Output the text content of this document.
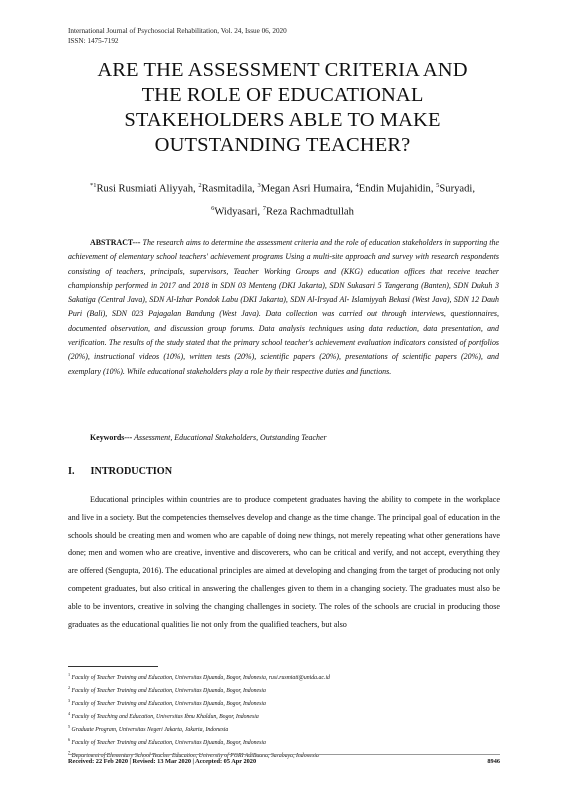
International Journal of Psychosocial Rehabilitation, Vol. 24, Issue 06, 2020
ISSN: 1475-7192
ARE THE ASSESSMENT CRITERIA AND
THE ROLE OF EDUCATIONAL
STAKEHOLDERS ABLE TO MAKE
OUTSTANDING TEACHER?
$^{*1}$Rusi Rusmiati Aliyyah, $^2$Rasmitadila, $^3$Megan Asri Humaira, $^4$Endin Mujahidin, $^5$Suryadi,
$^6$Widyasari, $^7$Reza Rachmadtullah
ABSTRACT--- The research aims to determine the assessment criteria and the role of education stakeholders in supporting the achievement of elementary school teachers' achievement programs Using a multi-site approach and survey with research respondents consisting of teachers, principals, supervisors, Teacher Working Groups and (KKG) education offices that receive teacher championship performed in 2017 and 2018 in SDN 03 Menteng (DKI Jakarta), SDN Sukasari 5 Tangerang (Banten), SDN Dukuh 3 Sakatiga (Central Java), SDN Al-Izhar Pondok Labu (DKI Jakarta), SDN Al-Irsyad Al- Islamiyyah Bekasi (West Java), SDN 12 Dauh Puri (Bali), SDN 023 Pajagalan Bandung (West Java). Data collection was carried out through interviews, questionnaires, documented observation, and discussion group forums. Data analysis techniques using data reduction, data presentation, and verification. The results of the study stated that the primary school teacher's achievement evaluation indicators consisted of portfolios (20%), instructional videos (10%), written tests (20%), scientific papers (20%), presentations of scientific papers (20%), and exemplary (10%). While educational stakeholders play a role by their respective duties and functions.
Keywords--- Assessment, Educational Stakeholders, Outstanding Teacher
I. INTRODUCTION
Educational principles within countries are to produce competent graduates having the ability to compete in the workplace and live in a society. But the competencies themselves develop and change as the time change. The principal goal of education in the schools should be creating men and women who are capable of doing new things, not merely repeating what other generations have done; men and women who are creative, inventive and discoverers, who can be critical and verify, and not accept, everything they are offered (Sengupta, 2016). The educational principles are aimed at developing and changing from the target of producing not only competent graduates, but also critical in answering the challenges given to them in a changing society. The graduates must also be able to be inventors, creative in solving the changing challenges in society. The roles of the schools are crucial in producing those graduates as the educational qualities lie not only from the qualified teachers, but also
$^1$ Faculty of Teacher Training and Education, Universitas Djuanda, Bogor, Indonesia, rusi.rusmiati@unida.ac.id
$^2$ Faculty of Teacher Training and Education, Universitas Djuanda, Bogor, Indonesia
$^3$ Faculty of Teacher Training and Education, Universitas Djuanda, Bogor, Indonesia
$^4$ Faculty of Teaching and Education, Universitas Ibnu Khaldun, Bogor, Indonesia
$^5$ Graduate Program, Universitas Negeri Jakarta, Jakarta, Indonesia
$^6$ Faculty of Teacher Training and Education, Universitas Djuanda, Bogor, Indonesia
$^7$ Department of Elementary School Teacher Education, University of PGRI AdiBuana, Surabaya, Indonesia
Received: 22 Feb 2020 | Revised: 13 Mar 2020 | Accepted: 05 Apr 2020	8946
